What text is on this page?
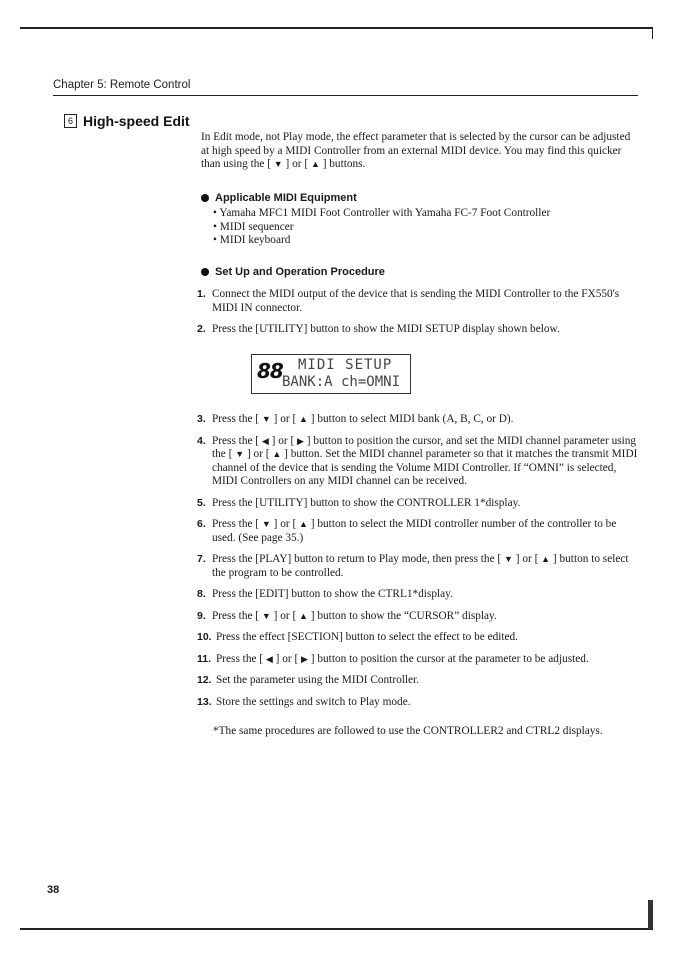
Chapter 5: Remote Control
6 High-speed Edit
In Edit mode, not Play mode, the effect parameter that is selected by the cursor can be adjusted
at high speed by a MIDI Controller from an external MIDI device. You may find this quicker
than using the [ ▼ ] or [ ▲ ] buttons.
Applicable MIDI Equipment
• Yamaha MFC1 MIDI Foot Controller with Yamaha FC-7 Foot Controller
• MIDI sequencer
• MIDI keyboard
Set Up and Operation Procedure
1. Connect the MIDI output of the device that is sending the MIDI Controller to the FX550's MIDI IN connector.
2. Press the [UTILITY] button to show the MIDI SETUP display shown below.
88 MIDI SETUP
BANK:A ch=OMNI
3. Press the [ ▼ ] or [ ▲ ] button to select MIDI bank (A, B, C, or D).
4. Press the [ ◀ ] or [ ▶ ] button to position the cursor, and set the MIDI channel parameter using the [ ▼ ] or [ ▲ ] button. Set the MIDI channel parameter so that it matches the transmit MIDI channel of the device that is sending the Volume MIDI Controller. If “OMNI” is selected, MIDI Controllers on any MIDI channel can be received.
5. Press the [UTILITY] button to show the CONTROLLER 1*display.
6. Press the [ ▼ ] or [ ▲ ] button to select the MIDI controller number of the controller to be used. (See page 35.)
7. Press the [PLAY] button to return to Play mode, then press the [ ▼ ] or [ ▲ ] button to select the program to be controlled.
8. Press the [EDIT] button to show the CTRL1*display.
9. Press the [ ▼ ] or [ ▲ ] button to show the “CURSOR” display.
10. Press the effect [SECTION] button to select the effect to be edited.
11. Press the [ ◀ ] or [ ▶ ] button to position the cursor at the parameter to be adjusted.
12. Set the parameter using the MIDI Controller.
13. Store the settings and switch to Play mode.
*The same procedures are followed to use the CONTROLLER2 and CTRL2 displays.
38
